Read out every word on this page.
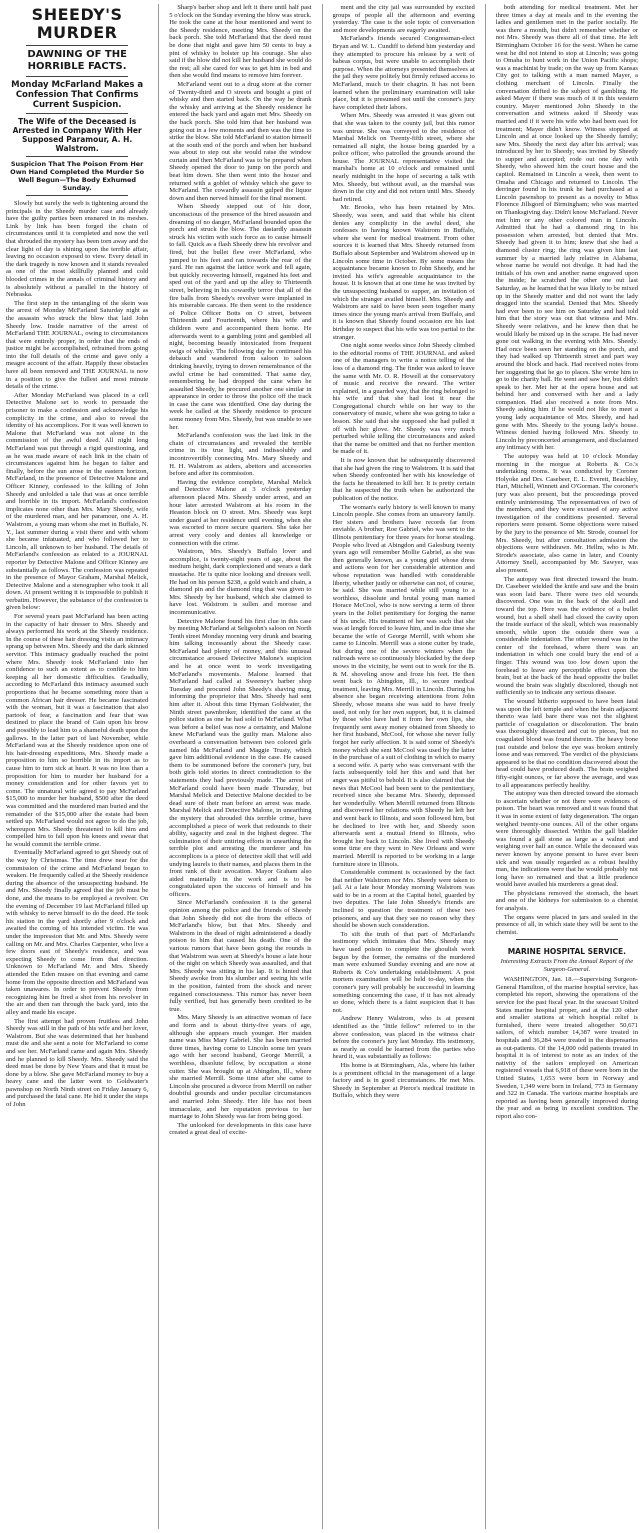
SHEEDY'S MURDER
DAWNING OF THE HORRIBLE FACTS.
Monday McFarland Makes a Confession That Confirms Current Suspicion.
The Wife of the Deceased is Arrested in Company With Her Supposed Paramour, A. H. Walstrom.
Suspicion That The Poison From Her Own Hand Completed the Murder So Well Begun—The Body Exhumed Sunday.

Slowly but surely the web is tightening around the principals in the Sheedy murder case and already have the guilty parties been ensnared in its meshes. Link by link has been forged the chain of circumstances until it is completed and now the veil that shrouded the mystery has been torn away and the clear light of day is shining upon the terrible affair, leaving no occasion exposed to view. Every detail in the dark tragedy is now known and it stands revealed as one of the most skillfully planned and cold blooded crimes in the annals of criminal history and is absolutely without a parallel in the history of Nebraska.

The first step in the untangling of the skein was the arrest of Monday McFarland Saturday night as the assassin who struck the blow that laid John Sheedy low. Inside narrative of the arrest of McFarland THE JOURNAL, owing to circumstances that were entirely proper, in order that the ends of justice might be accomplished, refrained from going into the full details of the crime and gave only a meagre account of the affair. Happily these obstacles have all been removed and THE JOURNAL is now in a position to give the fullest and most minute details of the crime.

After Monday McFarland was placed in a cell Detective Malone set to work to persuade the prisoner to make a confession and acknowledge his complicity in the crime, and also to reveal the identity of his accomplices. For it was well known to Malone that McFarland was not alone in the commission of the awful deed. All night long McFarland was put through a rigid questioning, and as he was made aware of each link in the chain of circumstances against him he began to falter and finally, before the sun arose in the eastern horizon, McFarland, in the presence of Detective Malone and Officer Kinney, confessed to the killing of John Sheedy and unfolded a tale that was at once terrible and horrible in its import. McFarland's confession implicates none other than Mrs. Mary Sheedy, wife of the murdered man, and her paramour, one A. H. Walstrom, a young man whom she met in Buffalo, N. Y., last summer during a visit there and with whom she became infatuated, and who followed her to Lincoln, all unknown to her husband. The details of McFarland's confession as related to a JOURNAL reporter by Detective Malone and Officer Kinney are substantially as follows. The confession was repeated in the presence of Mayor Graham, Marshal Melick, Detective Malone and a stenographer who took it all down. At present writing it is impossible to publish it verbatim. However, the substance of the confession is given below:

For several years past McFarland has been acting in the capacity of hair dresser to Mrs. Sheedy and always performed his work at the Sheedy residence. In the course of these hair dressing visits an intimacy sprang up between Mrs. Sheedy and the dark skinned servitor. This intimacy gradually reached the point where Mrs. Sheedy took McFarland into her confidence to such an extent as to confide to him keeping all her domestic difficulties. Gradually, according to McFarland this intimacy assumed such proportions that he became something more than a common African hair dresser. He became fascinated with the woman, but it was a fascination that also partook of fear, a fascination and fear that was destined to place the brand of Cain upon his brow and possibly to lead him to a shameful death upon the gallows. In the latter part of last November, while McFarland was at the Sheedy residence upon one of his hair-dressing expeditions, Mrs. Sheedy made a proposition to him so horrible in its import as to cause him to turn sick at heart. It was no less than a proposition for him to murder her husband for a money consideration and for other favors yet to come. The unnatural wife agreed to pay McFarland $15,000 to murder her husband, $500 after the deed was committed and the murdered man buried and the remainder of the $15,000 after the estate had been settled up. McFarland would not agree to do the job, whereupon Mrs. Sheedy threatened to kill him and compelled him to fall upon his knees and swear that he would commit the terrible crime.

Eventually McFarland agreed to get Sheedy out of the way by Christmas. The time drew near for the commission of the crime and McFarland began to weaken. He frequently called at the Sheedy residence during the absence of the unsuspecting husband. He and Mrs. Sheedy finally agreed that the job must be done, and the means to be employed a revolver. On the evening of December 19 last McFarland filled up with whisky to nerve himself to do the deed. He took his station in the yard shortly after 9 o'clock and awaited the coming of his intended victim. He was under the impression that Mr. and Mrs. Sheedy were calling on Mr. and Mrs. Charles Carpenter, who live a few doors east of Sheedy's residence, and was expecting Sheedy to come from that direction. Unknown to McFarland Mr. and Mrs. Sheedy attended the Eden musee on that evening and came home from the opposite direction and McFarland was taken unawares. In order to prevent Sheedy from recognizing him he fired a shot from his revolver in the air and then ran through the back yard, into the alley and made his escape.

The first attempt had proven fruitless and John Sheedy was still in the path of his wife and her lover, Walstrom. But she was determined that her husband must die and she sent a note for McFarland to come and see her. McFarland came and again Mrs. Sheedy and he planned to kill Sheedy. Mrs. Sheedy said the deed must be done by New Years and that it must be done by a blow. She gave McFarland money to buy a heavy cane and the latter went to Goldwater's pawnshop on North Ninth street on Friday January 6, and purchased the fatal cane. He hid it under the steps of John

Sharp's barber shop and left it there until half past 5 o'clock on the Sunday evening the blow was struck. He took the cane at the hour mentioned and went to the Sheedy residence, meeting Mrs. Sheedy on the back porch. She told McFarland that the deed must be done that night and gave him 50 cents to buy a pint of whisky to bolster up his courage. She also said if the blow did not kill her husband she would do the rest; all she cared for was to get him in bed and then she would find means to remove him forever.

McFarland went out to a drug store at the corner of Twenty-third and O streets and bought a pint of whisky and then started back. On the way he drank the whisky and arriving at the Sheedy residence he entered the back yard and again met Mrs. Sheedy on the back porch. She told him that her husband was going out in a few moments and then was the time to strike the blow. She told McFarland to station himself at the south end of the porch and when her husband was about to step out she would raise the window curtain and then McFarland was to be prepared when Sheedy opened the door to jump on the porch and beat him down. She then went into the house and returned with a goblet of whisky which she gave to McFarland. The cowardly assassin gulped the liquor down and then nerved himself for the final moment.

When Sheedy stepped out of his door, unconscious of the presence of the hired assassin and dreaming of no danger, McFarland bounded upon the porch and struck the blow. The dastardly assassin struck his victim with such force as to cause himself to fall. Quick as a flash Sheedy drew his revolver and fired, but the bullet flew over McFarland, who jumped to his feet and ran towards the rear of the yard. He ran against the lattice work and fell again, but quickly recovering himself, regained his feet and sped out of the yard and up the alley to Thirteenth street, believing in his cowardly terror that all of the fire balls from Sheedy's revolver were implanted in his miserable carcass. He then went to the residence of Police Officer Botts on O street, between Thirteenth and Fourteenth, where his wife and children were and accompanied them home. He afterwards went to a gambling joint and gambled all night, becoming beastly intoxicated from frequent swigs of whisky. The following day he continued his debauch and wandered from saloon to saloon drinking heavily, trying to drown remembrance of the awful crime he had committed. That same day, remembering he had dropped the cane when he assaulted Sheedy, he procured another one similar in appearance in order to throw the police off the track in case the cane was identified. One day during the week he called at the Sheedy residence to procure some money from Mrs. Sheedy, but was unable to see her.

McFarland's confession was the last link in the chain of circumstances and revealed the terrible crime in its true light, and indissolubly and incontrovertibly connecting Mrs. Mary Sheedy and H. H. Walstrom as aiders, abettors and accessories before and after its commission.

Having the evidence complete, Marshal Melick and Detective Malone at 3 o'clock yesterday afternoon placed Mrs. Sheedy under arrest, and an hour later arrested Walstrom at his room in the Heaston block on O street. Mrs. Sheedy was kept under guard at her residence until evening, when she was escorted to more secure quarters. She take her arrest very cooly and denies all knowledge or connection with the crime.

Walstrom, Mrs. Sheedy's Buffalo lover and accomplice, is twenty-eight years of age, about the medium height, dark complexioned and wears a dark mustache. He is quite nice looking and dresses well. He had on his person $238, a gold watch and chain, a diamond pin and the diamond ring that was given to Mrs. Sheedy by her husband, which she claimed to have lost. Walstrom is sullen and morose and incommunicative.

Detective Malone found his first clue in this case by meeting McFarland at Seligsohn's saloon on North Tenth street Monday morning very drunk and bearing him talking incessantly about the Sheedy case. McFarland had plenty of money, and this unusual circumstance aroused Detective Malone's suspicion and he at once went to work investigating McFarland's movements. Malone learned that McFarland had called at Sweeney's barber shop Tuesday and procured John Sheedy's shaving mug, informing the proprietor that Mrs. Sheedy had sent him after it. About this time Hyman Goldwater, the Ninth street pawnbroker, identified the cane at the police station as one he had sold to McFarland. What was before a belief was now a certainty, and Malone knew McFarland was the guilty man. Malone also overheard a conversation between two colored girls named Ida McFarland and Maggie Trusty, which gave him additional evidence in the case. He caused them to be summoned before the coroner's jury, but both girls told stories in direct contradiction to the statements they had previously made. The arrest of McFarland could have been made Thursday, but Marshal Melick and Detective Malone decided to be dead sure of their man before an arrest was made. Marshal Melick and Detective Malone, in unearthing the mystery that shrouded this terrible crime, have accomplished a piece of work that redounds to their ability, sagacity and zeal in the highest degree. The culmination of their untiring efforts in unearthing the terrible plot and arresting the murderer and his accomplices is a piece of detective skill that will add undying laurels to their names, and places them in the front rank of their avocation. Mayor Graham also aided materially in the work and is to be congratulated upon the success of himself and his officers.

Since McFarland's confession it is the general opinion among the police and the friends of Sheedy that John Sheedy did not die from the effects of McFarland's blow, but that Mrs. Sheedy and Walstrom in the dead of night administered a deadly poison to him that caused his death. One of the various rumors that have been going the rounds is that Walstrom was seen at Sheedy's house a late hour of the night on which Sheedy was assaulted, and that Mrs. Sheedy was sitting in his lap. It is hinted that Sheedy awoke from his slumber and seeing his wife in the position, fainted from the shock and never regained consciousness. This rumor has never been fully verified, but has generally been credited to be true.

Mrs. Mary Sheedy is an attractive woman of face and form and is about thirty-five years of age, although she appears much younger. Her maiden name was Miss Mary Gabriel. She has been married three times, having come to Lincoln some ten years ago with her second husband, George Merrill, a worthless, dissolute fellow, by occupation a stone cutter. She was brought up at Abingdon, Ill., where she married Merrill. Some time after she came to Lincoln she procured a divorce from Merrill on rather doubtful grounds and under peculiar circumstances and married John Sheedy. Her life has not been immaculate, and her reputation previous to her marriage to John Sheedy was far from being good.

The unlooked for developments in this case have created a great deal of excite-

ment and the city jail was surrounded by excited groups of people all the afternoon and evening yesterday. The case is the sole topic of conversation and more developments are eagerly awaited.

McFarland's friends secured Congressman-elect Bryan and W. L. Cundiff to defend him yesterday and they attempted to procure his release by a writ of habeas corpus, but were unable to accomplish their purpose. When the attorneys presented themselves at the jail they were politely but firmly refused access to McFarland, much to their chagrin. It has not been learned when the preliminary examination will take place, but it is presumed not until the coroner's jury have completed their labors.

When Mrs. Sheedy was arrested it was given out that she was taken to the county jail, but this rumor was untrue. She was conveyed to the residence of Marshal Melick on Twenty-fifth street, where she remained all night, the house being guarded by a police officer, who patrolled the grounds around the house. The JOURNAL representative visited the marshal's home at 10 o'clock and remained until nearly midnight in the hope of securing a talk with Mrs. Sheedy, but without avail, as the marshal was down in the city and did not return until Mrs. Sheedy had retired.

Mr. Brooks, who has been retained by Mrs. Sheedy, was seen, and said that while his client denies any complicity in the awful deed, she confesses to having known Walstrom in Buffalo, where she went for medical treatment. From other sources it is learned that Mrs. Sheedy returned from Buffalo about September and Walstrom showed up in Lincoln some time in October. By some means the acquaintance became known to John Sheedy, and he invited his wife's agreeable acquaintance to the house. It is known that at one time he was invited by the unsuspecting husband to supper, an invitation of which the stranger availed himself. Mrs. Sheedy and Walstrom are said to have been seen together many times since the young man's arrival from Buffalo, and it is known that Sheedy found occasion ere his last birthday to suspect that his wife was too partial to the stranger.

One night some weeks since John Sheedy climbed to the editorial rooms of THE JOURNAL and asked one of the managers to write a notice telling of the loss of a diamond ring. The finder was asked to leave the same with Mr. O. R. Howell at the conservatory of music and receive the reward. The writer explained, in a guarded way, that the ring belonged to his wife and that she had lost it near the Congregational church while on her way to the conservatory of music, where she was going to take a lesson. She said that she supposed she had pulled it off with her glove. Mr. Sheedy was very much perturbed while telling the circumstances and asked that the name be omitted and that no further mention be made of it.

It is now known that he subsequently discovered that she had given the ring to Walstrom. It is said that when Sheedy confronted her with his knowledge of the facts he threatened to kill her. It is pretty certain that he suspected the truth when he authorized the publication of the notice.

The woman's early history is well known to many Lincoln people. She comes from an unsavory family. Her sisters and brothers have records far from enviable. A brother, Roe Gabriel, who was sent to the Illinois penitentiary for three years for horse stealing. People who lived at Abingdon and Galesburg twenty years ago will remember Mollie Gabriel, as she was then generally known, as a young girl whose dress and actions won for her considerable attention and whose reputation was handled with considerable liberty, whether justly or otherwise can not, of course, be said. She was married while still young to a worthless, dissolute and brutal young man named Horace McCool, who is now serving a term of three years in the Joliet penitentiary for forging the name of his uncle. His treatment of her was such that she was at length forced to leave him, and in due time she became the wife of George Merrill, with whom she came to Lincoln. Merrill was a stone cutter by trade, but during one of the severe winters when the railroads were so continuously blockaded by the deep snows in the vicinity, he went out to work for the B. & M. shoveling snow and froze his feet. He then went back to Abingdon, Ill., to secure medical treatment, leaving Mrs. Merrill in Lincoln. During his absence she began receiving attentions from John Sheedy, whose means she was said to have freely used, not only for her own support, but, it is claimed by those who have had it from her own lips, she frequently sent away money obtained from Sheedy to her first husband, McCool, for whose she never fully forgot her early affection. It is said some of Sheedy's money which she sent McCool was used by the latter in the purchase of a suit of clothing in which to marry a second wife. A party who was conversant with the facts subsequently told her this and said that her anger was pitiful to behold. It is also claimed that the news that McCool had been sent to the penitentiary, received since she became Mrs. Sheedy, depressed her wonderfully. When Merrill returned from Illinois and discovered her relations with Sheedy he left her and went back to Illinois, and soon followed him, but he declined to live with her, and Sheedy soon afterwards sent a mutual friend to Illinois, who brought her back to Lincoln. She lived with Sheedy some time ere they went to New Orleans and were married. Merrill is reported to be working in a large furniture store in Illinois.

Considerable comment is occasioned by the fact that neither Walstrom nor Mrs. Sheedy were taken to jail. At a late hour Monday morning Walstrom was said to be in a room at the Capital hotel, guarded by two deputies. The late John Sheedy's friends are inclined to question the treatment of these two prisoners, and say that they see no reason why they should be shown such consideration.

To sift the truth of that part of McFarland's testimony which intimates that Mrs. Sheedy may have used poison to complete the ghoulish work begun by the former, the remains of the murdered man were exhumed Sunday evening and are now at Roberts & Co's undertaking establishment. A post mortem examination will be held to-day, when the coroner's jury will probably be successful in learning something concerning the case, if it has not already so done, which there is a faint suspicion that it has not.

Andrew Henry Walstrom, who is at present identified as the "little fellow" referred to in the above confession, was placed in the witness chair before the coroner's jury last Monday. His testimony, as nearly as could be learned from the parties who heard it, was substantially as follows:

His home is at Birmingham, Ala., where his father is a prominent official in the management of a large factory and is in good circumstances. He met Mrs. Sheedy in September at Pierce's medical institute in Buffalo, which they were

both attending for medical treatment. Met her three times a day at meals and in the evening the ladies and gentlemen met in the parlor socially. He was there a month, but didn't remember whether or not Mrs. Sheedy was there all of that time. He left Birmingham October 16 for the west. When he came west he did not intend to stop at Lincoln; was going to Omaha to hunt work in the Union Pacific shops; was a machinist by trade; on the way up from Kansas City got to talking with a man named Mayer, a clothing merchant of Lincoln. Finally the conversation drifted to the subject of gambling. He asked Mayer if there was much of it in this western country. Mayer mentioned John Sheedy in the conversation and witness asked if Sheedy was married and if it were his wife who had been east for treatment; Mayer didn't know. Witness stopped at Lincoln and at once looked up the Sheedy family; saw Mrs. Sheedy the next day after his arrival; was introduced by her to Sheedy; was invited by Sheedy to supper and accepted; rode out one day with Sheedy, who showed him the court house and the capitol. Remained in Lincoln a week, then went to Omaha and Chicago and returned to Lincoln. The derringer found in his trunk he had purchased at a Lincoln pawnshop to present as a novelty to Miss Florence Jillsgord of Birmingham; who was married on Thanksgiving day. Didn't know McFarland. Never met him or any other colored man in Lincoln. Admitted that he had a diamond ring in his possession when arrested, but denied that Mrs. Sheedy had given it to him; knew that she had a diamond cluster ring; the ring was given him last summer by a married lady relative in Alabama, whose name he would not divulge. It had had the initials of his own and another name engraved upon the inside; he scratched the other one out last Saturday, as he learned that he was likely to be mixed up in the Sheedy matter and did not want the lady dragged into the scandal. Denied that Mrs. Sheedy had ever been to see him on Saturday and had told him that the story was out that witness and Mrs. Sheedy were relatives, and he knew then that he would likely be mixed up in the scrape. He had never gone out walking in the evening with Mrs. Sheedy. Had once been seen her standing on the porch, and they had walked up Thirteenth street and part way around the block and back. Had received notes from her suggesting that he go to places. She wrote him to go to the charity ball. He went and saw her, but didn't speak to her. Met her at the opera house and sat behind her and conversed with her and a lady companion. Had also received a note from Mrs. Sheedy asking him if he would not like to meet a young lady acquaintance of Mrs. Sheedy, and had gone with Mrs. Sheedy to the young lady's house. Witness denied having followed Mrs. Sheedy to Lincoln by preconcerted arrangement, and disclaimed any intimacy with her.

The autopsy was held at 10 o'clock Monday morning in the morgue at Roberts & Co.'s undertaking rooms. It was conducted by Coroner Holyoke and Drs. Casebeer, E. L. Everett, Beachley, Hart, Mitchell, Winnett and O'Gorman. The coroner's jury was also present, but the proceedings proved entirely uninteresting. The representatives of two of the members, and they were excused of any active investigation of the conditions presented. Several reporters were present. Some objections were raised by the jury to the presence of Mr. Strode, counsel for Mrs. Sheedy, but after consultation admission the objections were withdrawn. Mr. Hellm, who is Mr. Strode's associate, also came in later, and County Attorney Snell, accompanied by Mr. Sawyer, was also present.

The autopsy was first directed toward the brain. Dr. Casebeer wielded the knife and saw and the brain was soon laid bare. There were two old wounds discovered. One was in the back of the skull and toward the top. Here was the evidence of a bullet wound, but a shell shell had closed the cavity upon the inside surface of the skull, which was reasonably smooth, while upon the outside there was a considerable indentation. The other wound was in the center of the forehead, where there was an indentation in which one could bury the end of a finger. This wound was too low down upon the forehead to leave any perceptible effect upon the brain, but at the back of the head opposite the bullet wound the brain was slightly discolored, though not sufficiently so to indicate any serious disease.

The wound hitherto supposed to have been fatal was upon the left temple and when the brain adjacent thereto was laid bare there was not the slightest particle of coagulation or discoloration. The brain was thoroughly dissected and cut to pieces, but no coagulated blood was found therein. The heavy bone just outside and below the eye was broken entirely loose and was removed. The verdict of the physicians appeared to be that no condition discovered about the head could have produced death. The brain weighed fifty-eight ounces, or far above the average, and was to all appearances perfectly healthy.

The autopsy was then directed toward the stomach to ascertain whether or not there were evidences of poison. The heart was removed and it was found that it was in some extent of fatty degeneration. The organ weighed twenty-one ounces. All of the other organs were thoroughly dissected. Within the gall bladder was found a gall stone as large as a walnut and weighing over half an ounce. While the deceased was never known by anyone present to have ever been sick and was usually regarded as a robust healthy man, the indications were that he would probably not long have so remained and that a little prudence would have availed his murderers a great deal.

The physicians removed the stomach, the heart and one of the kidneys for submission to a chemist for analysis.

The organs were placed in jars and sealed in the presence of all, in which state they will be sent to the chemist.

MARINE HOSPITAL SERVICE.
Interesting Extracts From the Annual Report of the Surgeon-General.

WASHINGTON, Jan. 18.—Supervising Surgeon-General Hamilton, of the marine hospital service, has completed his report, showing the operations of the service for the past fiscal year. In the seacoast United States marine hospital proper, and at the 120 other and smaller stations at which hospital relief is furnished, there were treated altogether 50,671 sailors, of which number 14,387 were treated in hospitals and 36,284 were treated in the dispensaries as out-patients. Of the 14,000 odd patients treated in hospital it is of interest to note as an index of the nativity of the sailors employed on American registered vessels that 6,918 of these were born in the United States, 1,653 were born in Norway and Sweden, 1,349 were born in Ireland, 773 in Germany and 322 in Canada. The various marine hospitals are reported as having been generally improved during the year and as being in excellent condition. The report also con-
